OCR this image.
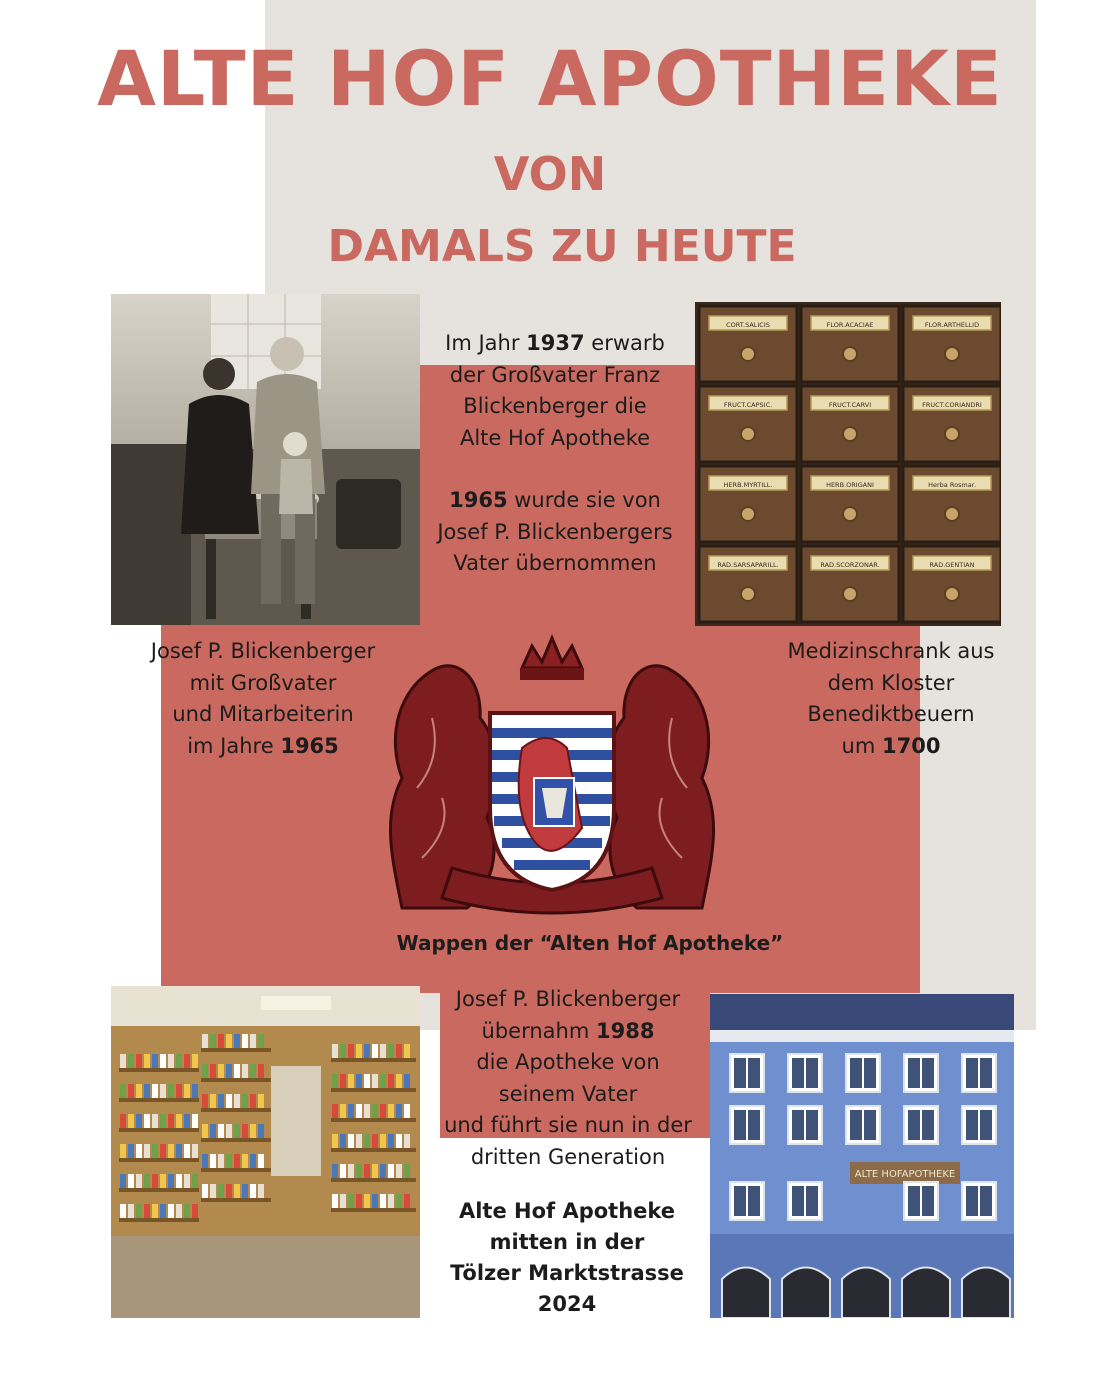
ALTE HOF APOTHEKE
VON
DAMALS ZU HEUTE
Im Jahr 1937 erwarb
der Großvater Franz
Blickenberger die
Alte Hof Apotheke
1965 wurde sie von
Josef P. Blickenbergers
Vater übernommen
CORT.SALICIS	FLOR.ACACIAE	FLOR.ARTHELLID
FRUCT.CAPSIC.	FRUCT.CARVI	FRUCT.CORIANDRI
HERB.MYRTILL.	HERB.ORIGANI	Herba Rosmar.
RAD.SARSAPARILL.	RAD.SCORZONAR.	RAD.GENTIAN
Josef P. Blickenberger
mit Großvater
und Mitarbeiterin
im Jahre 1965
Medizinschrank aus
dem Kloster
Benediktbeuern
um 1700
Wappen der “Alten Hof Apotheke”
Josef P. Blickenberger
übernahm 1988
die Apotheke von
seinem Vater
und führt sie nun in der
dritten Generation
Alte Hof Apotheke
mitten in der
Tölzer Marktstrasse
2024
ALTE HOFAPOTHEKE
